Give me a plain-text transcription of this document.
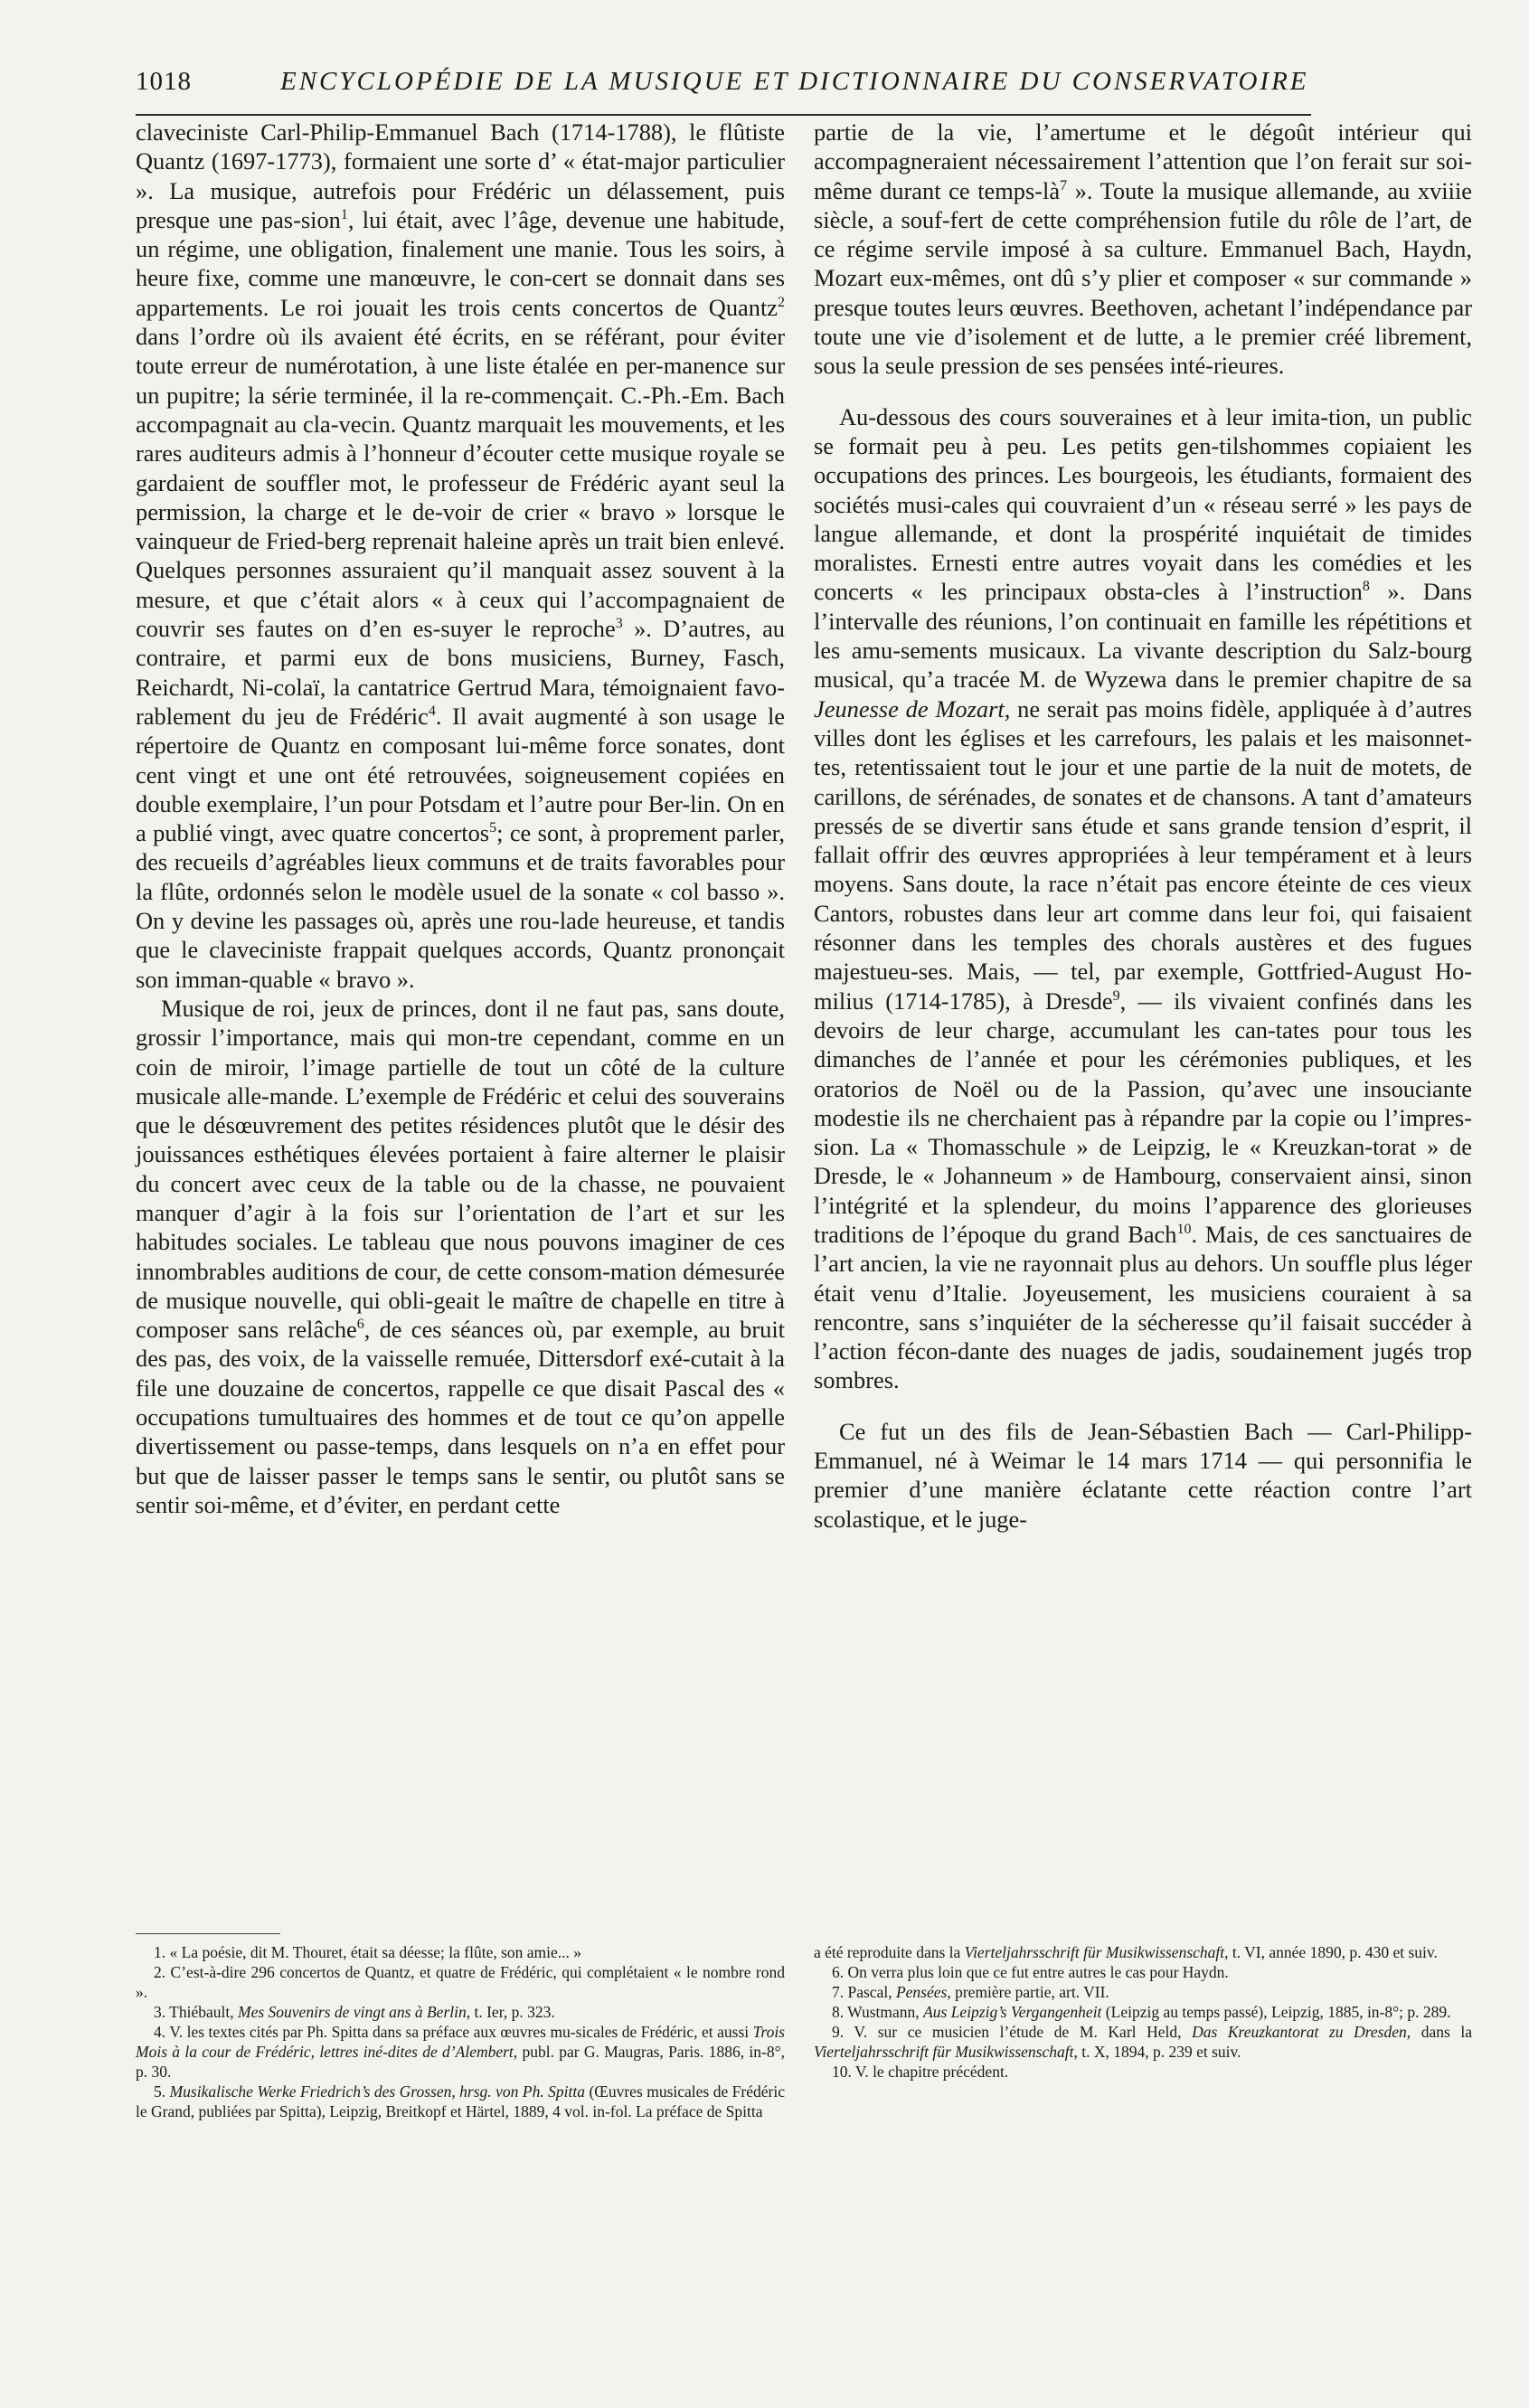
1018	ENCYCLOPÉDIE DE LA MUSIQUE ET DICTIONNAIRE DU CONSERVATOIRE

claveciniste Carl-Philip-Emmanuel Bach (1714-1788), le flûtiste Quantz (1697-1773), formaient une sorte d’ « état-major particulier ». La musique, autrefois pour Frédéric un délassement, puis presque une pas-sion$^1$, lui était, avec l’âge, devenue une habitude, un régime, une obligation, finalement une manie. Tous les soirs, à heure fixe, comme une manœuvre, le con-cert se donnait dans ses appartements. Le roi jouait les trois cents concertos de Quantz$^2$ dans l’ordre où ils avaient été écrits, en se référant, pour éviter toute erreur de numérotation, à une liste étalée en per-manence sur un pupitre; la série terminée, il la re-commençait. C.-Ph.-Em. Bach accompagnait au cla-vecin. Quantz marquait les mouvements, et les rares auditeurs admis à l’honneur d’écouter cette musique royale se gardaient de souffler mot, le professeur de Frédéric ayant seul la permission, la charge et le de-voir de crier « bravo » lorsque le vainqueur de Fried-berg reprenait haleine après un trait bien enlevé. Quelques personnes assuraient qu’il manquait assez souvent à la mesure, et que c’était alors « à ceux qui l’accompagnaient de couvrir ses fautes on d’en es-suyer le reproche$^3$ ». D’autres, au contraire, et parmi eux de bons musiciens, Burney, Fasch, Reichardt, Ni-colaï, la cantatrice Gertrud Mara, témoignaient favo-rablement du jeu de Frédéric$^4$. Il avait augmenté à son usage le répertoire de Quantz en composant lui-même force sonates, dont cent vingt et une ont été retrouvées, soigneusement copiées en double exemplaire, l’un pour Potsdam et l’autre pour Ber-lin. On en a publié vingt, avec quatre concertos$^5$; ce sont, à proprement parler, des recueils d’agréables lieux communs et de traits favorables pour la flûte, ordonnés selon le modèle usuel de la sonate « col basso ». On y devine les passages où, après une rou-lade heureuse, et tandis que le claveciniste frappait quelques accords, Quantz prononçait son imman-quable « bravo ».

Musique de roi, jeux de princes, dont il ne faut pas, sans doute, grossir l’importance, mais qui mon-tre cependant, comme en un coin de miroir, l’image partielle de tout un côté de la culture musicale alle-mande. L’exemple de Frédéric et celui des souverains que le désœuvrement des petites résidences plutôt que le désir des jouissances esthétiques élevées portaient à faire alterner le plaisir du concert avec ceux de la table ou de la chasse, ne pouvaient manquer d’agir à la fois sur l’orientation de l’art et sur les habitudes sociales. Le tableau que nous pouvons imaginer de ces innombrables auditions de cour, de cette consom-mation démesurée de musique nouvelle, qui obli-geait le maître de chapelle en titre à composer sans relâche$^6$, de ces séances où, par exemple, au bruit des pas, des voix, de la vaisselle remuée, Dittersdorf exé-cutait à la file une douzaine de concertos, rappelle ce que disait Pascal des « occupations tumultuaires des hommes et de tout ce qu’on appelle divertissement ou passe-temps, dans lesquels on n’a en effet pour but que de laisser passer le temps sans le sentir, ou plutôt sans se sentir soi-même, et d’éviter, en perdant cette

partie de la vie, l’amertume et le dégoût intérieur qui accompagneraient nécessairement l’attention que l’on ferait sur soi-même durant ce temps-$là^7$ ». Toute la musique allemande, au xviiie siècle, a souf-fert de cette compréhension futile du rôle de l’art, de ce régime servile imposé à sa culture. Emmanuel Bach, Haydn, Mozart eux-mêmes, ont dû s’y plier et composer « sur commande » presque toutes leurs œuvres. Beethoven, achetant l’indépendance par toute une vie d’isolement et de lutte, a le premier créé librement, sous la seule pression de ses pensées inté-rieures.

Au-dessous des cours souveraines et à leur imita-tion, un public se formait peu à peu. Les petits gen-tilshommes copiaient les occupations des princes. Les bourgeois, les étudiants, formaient des sociétés musi-cales qui couvraient d’un « réseau serré » les pays de langue allemande, et dont la prospérité inquiétait de timides moralistes. Ernesti entre autres voyait dans les comédies et les concerts « les principaux obsta-cles à l’instruction$^8$ ». Dans l’intervalle des réunions, l’on continuait en famille les répétitions et les amu-sements musicaux. La vivante description du Salz-bourg musical, qu’a tracée M. de Wyzewa dans le premier chapitre de sa Jeunesse de Mozart, ne serait pas moins fidèle, appliquée à d’autres villes dont les églises et les carrefours, les palais et les maisonnet-tes, retentissaient tout le jour et une partie de la nuit de motets, de carillons, de sérénades, de sonates et de chansons. A tant d’amateurs pressés de se divertir sans étude et sans grande tension d’esprit, il fallait offrir des œuvres appropriées à leur tempérament et à leurs moyens. Sans doute, la race n’était pas encore éteinte de ces vieux Cantors, robustes dans leur art comme dans leur foi, qui faisaient résonner dans les temples des chorals austères et des fugues majestueu-ses. Mais, — tel, par exemple, Gottfried-August Ho-milius (1714-1785), à Dresde$^9$, — ils vivaient confinés dans les devoirs de leur charge, accumulant les can-tates pour tous les dimanches de l’année et pour les cérémonies publiques, et les oratorios de Noël ou de la Passion, qu’avec une insouciante modestie ils ne cherchaient pas à répandre par la copie ou l’impres-sion. La « Thomasschule » de Leipzig, le « Kreuzkan-torat » de Dresde, le « Johanneum » de Hambourg, conservaient ainsi, sinon l’intégrité et la splendeur, du moins l’apparence des glorieuses traditions de l’époque du grand Bach$^{10}$. Mais, de ces sanctuaires de l’art ancien, la vie ne rayonnait plus au dehors. Un souffle plus léger était venu d’Italie. Joyeusement, les musiciens couraient à sa rencontre, sans s’inquiéter de la sécheresse qu’il faisait succéder à l’action fécon-dante des nuages de jadis, soudainement jugés trop sombres.

Ce fut un des fils de Jean-Sébastien Bach — Carl-Philipp-Emmanuel, né à Weimar le 14 mars 1714 — qui personnifia le premier d’une manière éclatante cette réaction contre l’art scolastique, et le juge-

1. « La poésie, dit M. Thouret, était sa déesse; la flûte, son amie... »

2. C’est-à-dire 296 concertos de Quantz, et quatre de Frédéric, qui complétaient « le nombre rond ».

3. Thiébault, Mes Souvenirs de vingt ans à Berlin, t. Ier, p. 323.

4. V. les textes cités par Ph. Spitta dans sa préface aux œuvres mu-sicales de Frédéric, et aussi Trois Mois à la cour de Frédéric, lettres iné-dites de d’Alembert, publ. par G. Maugras, Paris. 1886, in-8°, p. 30.

5. Musikalische Werke Friedrich’s des Grossen, hrsg. von Ph. Spitta (Œuvres musicales de Frédéric le Grand, publiées par Spitta), Leipzig, Breitkopf et Härtel, 1889, 4 vol. in-fol. La préface de Spitta

a été reproduite dans la Vierteljahrsschrift für Musikwissenschaft, t. VI, année 1890, p. 430 et suiv.

6. On verra plus loin que ce fut entre autres le cas pour Haydn.

7. Pascal, Pensées, première partie, art. VII.

8. Wustmann, Aus Leipzig’s Vergangenheit (Leipzig au temps passé), Leipzig, 1885, in-8°; p. 289.

9. V. sur ce musicien l’étude de M. Karl Held, Das Kreuzkantorat zu Dresden, dans la Vierteljahrsschrift für Musikwissenschaft, t. X, 1894, p. 239 et suiv.

10. V. le chapitre précédent.
